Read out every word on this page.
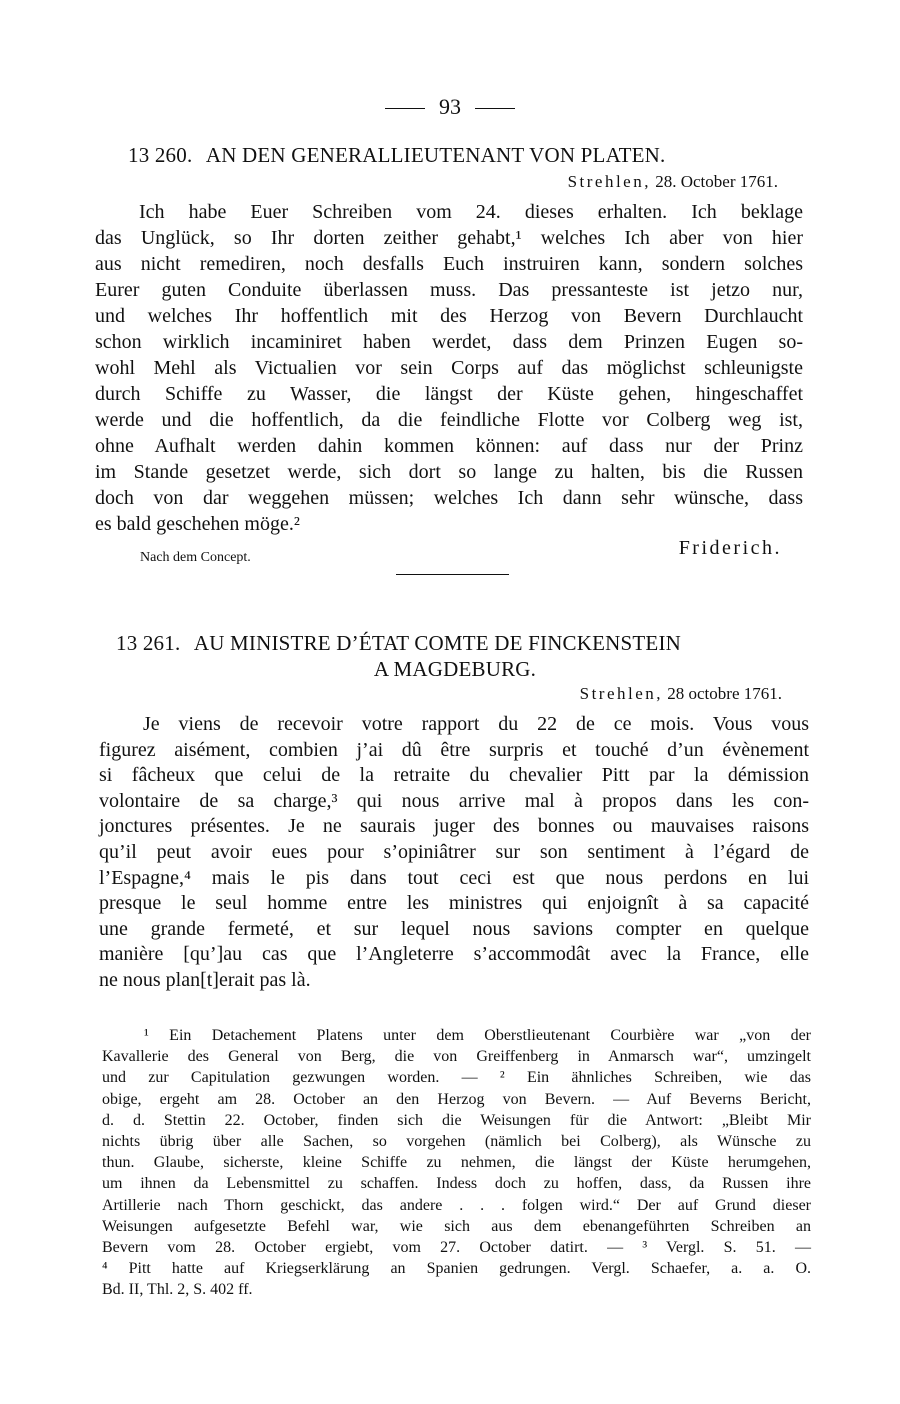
93
13 260. AN DEN GENERALLIEUTENANT VON PLATEN.
Strehlen, 28. October 1761.
Ich habe Euer Schreiben vom 24. dieses erhalten. Ich beklage
das Unglück, so Ihr dorten zeither gehabt,¹ welches Ich aber von hier
aus nicht remediren, noch desfalls Euch instruiren kann, sondern solches
Eurer guten Conduite überlassen muss. Das pressanteste ist jetzo nur,
und welches Ihr hoffentlich mit des Herzog von Bevern Durchlaucht
schon wirklich incaminiret haben werdet, dass dem Prinzen Eugen so-
wohl Mehl als Victualien vor sein Corps auf das möglichst schleunigste
durch Schiffe zu Wasser, die längst der Küste gehen, hingeschaffet
werde und die hoffentlich, da die feindliche Flotte vor Colberg weg ist,
ohne Aufhalt werden dahin kommen können: auf dass nur der Prinz
im Stande gesetzet werde, sich dort so lange zu halten, bis die Russen
doch von dar weggehen müssen; welches Ich dann sehr wünsche, dass
es bald geschehen möge.²
Friderich.
Nach dem Concept.
13 261. AU MINISTRE D’ÉTAT COMTE DE FINCKENSTEIN
A MAGDEBURG.
Strehlen, 28 octobre 1761.
Je viens de recevoir votre rapport du 22 de ce mois. Vous vous
figurez aisément, combien j’ai dû être surpris et touché d’un évènement
si fâcheux que celui de la retraite du chevalier Pitt par la démission
volontaire de sa charge,³ qui nous arrive mal à propos dans les con-
jonctures présentes. Je ne saurais juger des bonnes ou mauvaises raisons
qu’il peut avoir eues pour s’opiniâtrer sur son sentiment à l’égard de
l’Espagne,⁴ mais le pis dans tout ceci est que nous perdons en lui
presque le seul homme entre les ministres qui enjoignît à sa capacité
une grande fermeté, et sur lequel nous savions compter en quelque
manière [qu’]au cas que l’Angleterre s’accommodât avec la France, elle
ne nous plan[t]erait pas là.
¹ Ein Detachement Platens unter dem Oberstlieutenant Courbière war „von der
Kavallerie des General von Berg, die von Greiffenberg in Anmarsch war“, umzingelt
und zur Capitulation gezwungen worden. — ² Ein ähnliches Schreiben, wie das
obige, ergeht am 28. October an den Herzog von Bevern. — Auf Beverns Bericht,
d. d. Stettin 22. October, finden sich die Weisungen für die Antwort: „Bleibt Mir
nichts übrig über alle Sachen, so vorgehen (nämlich bei Colberg), als Wünsche zu
thun. Glaube, sicherste, kleine Schiffe zu nehmen, die längst der Küste herumgehen,
um ihnen da Lebensmittel zu schaffen. Indess doch zu hoffen, dass, da Russen ihre
Artillerie nach Thorn geschickt, das andere . . . folgen wird.“ Der auf Grund dieser
Weisungen aufgesetzte Befehl war, wie sich aus dem ebenangeführten Schreiben an
Bevern vom 28. October ergiebt, vom 27. October datirt. — ³ Vergl. S. 51. —
⁴ Pitt hatte auf Kriegserklärung an Spanien gedrungen. Vergl. Schaefer, a. a. O.
Bd. II, Thl. 2, S. 402 ff.
